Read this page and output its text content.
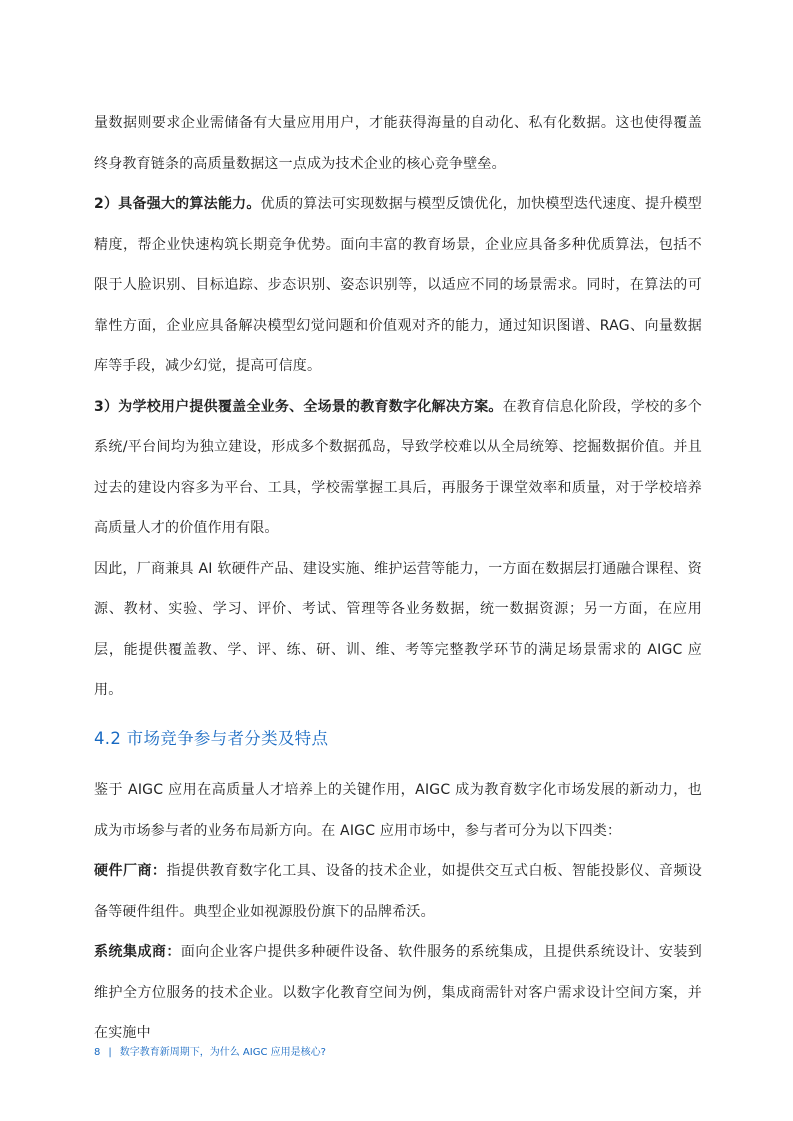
量数据则要求企业需储备有大量应用用户，才能获得海量的自动化、私有化数据。这也使得覆盖终身教育链条的高质量数据这一点成为技术企业的核心竞争壁垒。

2）具备强大的算法能力。优质的算法可实现数据与模型反馈优化，加快模型迭代速度、提升模型精度，帮企业快速构筑长期竞争优势。面向丰富的教育场景，企业应具备多种优质算法，包括不限于人脸识别、目标追踪、步态识别、姿态识别等，以适应不同的场景需求。同时，在算法的可靠性方面，企业应具备解决模型幻觉问题和价值观对齐的能力，通过知识图谱、RAG、向量数据库等手段，减少幻觉，提高可信度。

3）为学校用户提供覆盖全业务、全场景的教育数字化解决方案。在教育信息化阶段，学校的多个系统/平台间均为独立建设，形成多个数据孤岛，导致学校难以从全局统筹、挖掘数据价值。并且过去的建设内容多为平台、工具，学校需掌握工具后，再服务于课堂效率和质量，对于学校培养高质量人才的价值作用有限。

因此，厂商兼具 AI 软硬件产品、建设实施、维护运营等能力，一方面在数据层打通融合课程、资源、教材、实验、学习、评价、考试、管理等各业务数据，统一数据资源；另一方面，在应用层，能提供覆盖教、学、评、练、研、训、维、考等完整教学环节的满足场景需求的 AIGC 应用。

4.2 市场竞争参与者分类及特点

鉴于 AIGC 应用在高质量人才培养上的关键作用，AIGC 成为教育数字化市场发展的新动力，也成为市场参与者的业务布局新方向。在 AIGC 应用市场中，参与者可分为以下四类：

硬件厂商：指提供教育数字化工具、设备的技术企业，如提供交互式白板、智能投影仪、音频设备等硬件组件。典型企业如视源股份旗下的品牌希沃。

系统集成商：面向企业客户提供多种硬件设备、软件服务的系统集成，且提供系统设计、安装到维护全方位服务的技术企业。以数字化教育空间为例，集成商需针对客户需求设计空间方案，并在实施中

8 | 数字教育新周期下，为什么 AIGC 应用是核心?
